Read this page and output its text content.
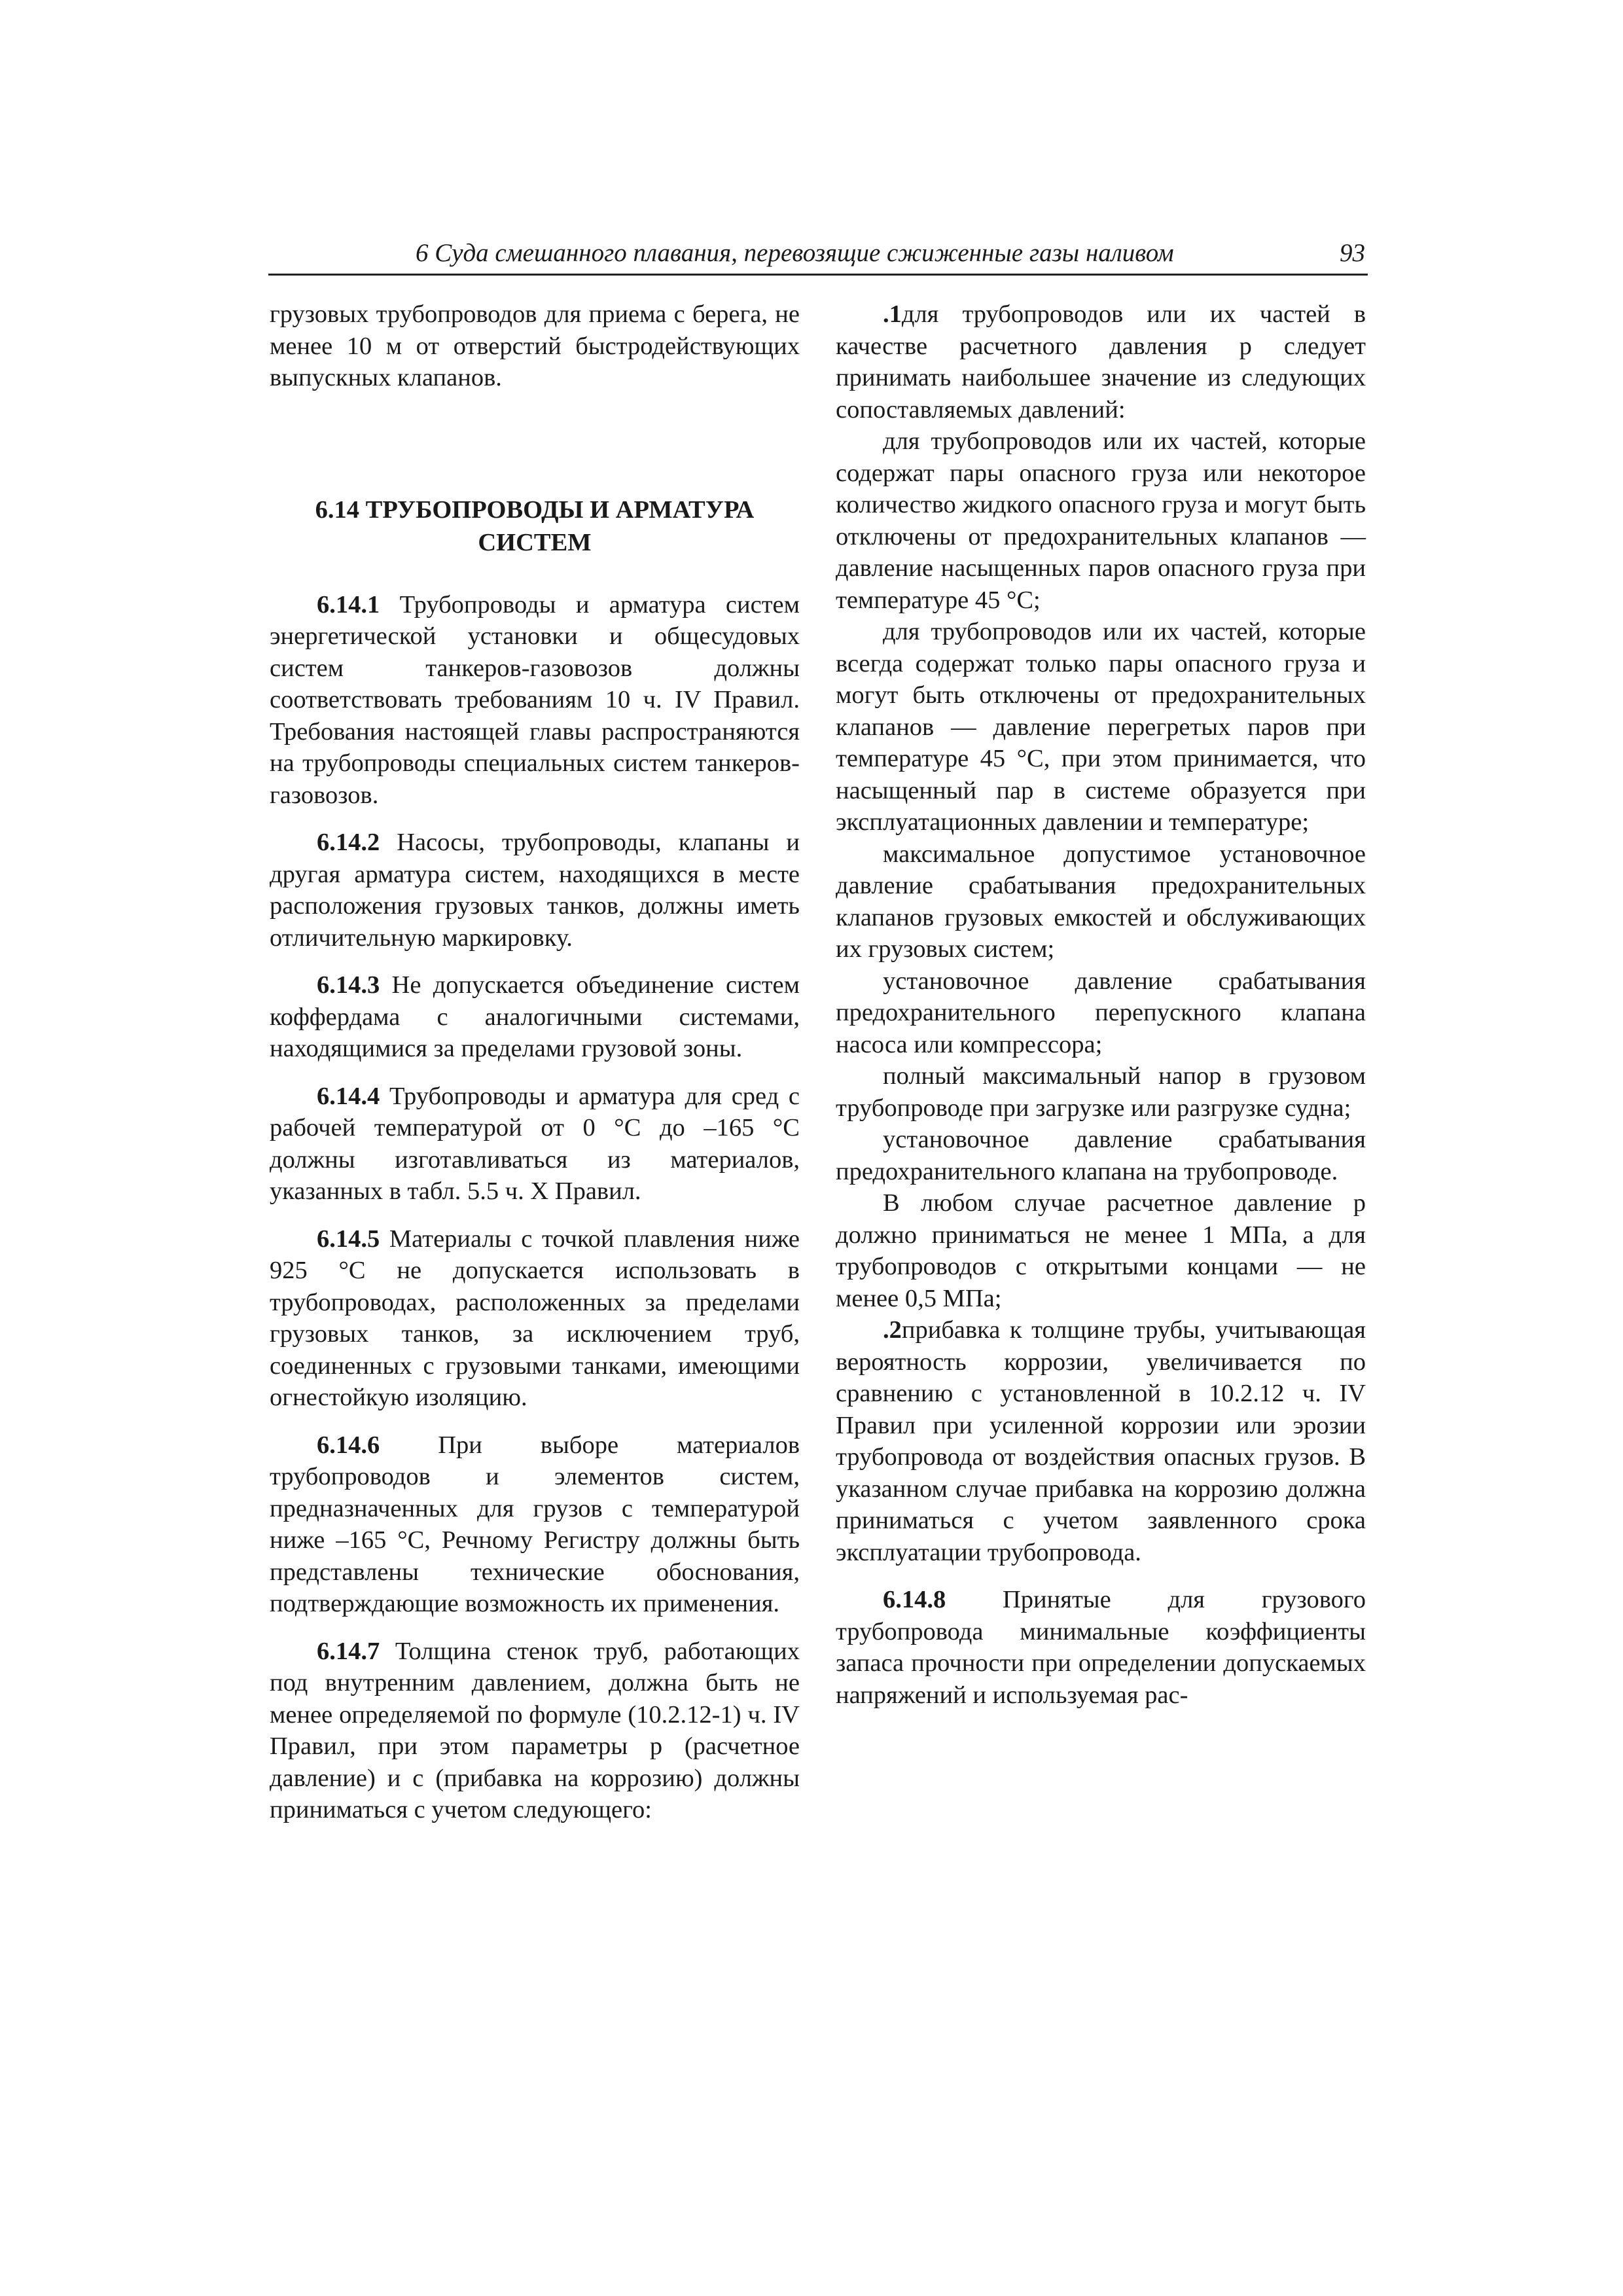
6 Суда смешанного плавания, перевозящие сжиженные газы наливом	93

грузовых трубопроводов для приема с берега, не менее 10 м от отверстий быстродействующих выпускных клапанов.

6.14 ТРУБОПРОВОДЫ И АРМАТУРА
СИСТЕМ

6.14.1 Трубопроводы и арматура систем энергетической установки и общесудовых систем танкеров-газовозов должны соответствовать требованиям 10 ч. IV Правил. Требования настоящей главы распространяются на трубопроводы специальных систем танкеров-газовозов.

6.14.2 Насосы, трубопроводы, клапаны и другая арматура систем, находящихся в месте расположения грузовых танков, должны иметь отличительную маркировку.

6.14.3 Не допускается объединение систем коффердама с аналогичными системами, находящимися за пределами грузовой зоны.

6.14.4 Трубопроводы и арматура для сред с рабочей температурой от 0 °С до –165 °С должны изготавливаться из материалов, указанных в табл. 5.5 ч. X Правил.

6.14.5 Материалы с точкой плавления ниже 925 °С не допускается использовать в трубопроводах, расположенных за пределами грузовых танков, за исключением труб, соединенных с грузовыми танками, имеющими огнестойкую изоляцию.

6.14.6 При выборе материалов трубопроводов и элементов систем, предназначенных для грузов с температурой ниже –165 °С, Речному Регистру должны быть представлены технические обоснования, подтверждающие возможность их применения.

6.14.7 Толщина стенок труб, работающих под внутренним давлением, должна быть не менее определяемой по формуле (10.2.12-1) ч. IV Правил, при этом параметры р (расчетное давление) и с (прибавка на коррозию) должны приниматься с учетом следующего:

.1для трубопроводов или их частей в качестве расчетного давления р следует принимать наибольшее значение из следующих сопоставляемых давлений:

для трубопроводов или их частей, которые содержат пары опасного груза или некоторое количество жидкого опасного груза и могут быть отключены от предохранительных клапанов — давление насыщенных паров опасного груза при температуре 45 °С;

для трубопроводов или их частей, которые всегда содержат только пары опасного груза и могут быть отключены от предохранительных клапанов — давление перегретых паров при температуре 45 °С, при этом принимается, что насыщенный пар в системе образуется при эксплуатационных давлении и температуре;

максимальное допустимое установочное давление срабатывания предохранительных клапанов грузовых емкостей и обслуживающих их грузовых систем;

установочное давление срабатывания предохранительного перепускного клапана насоса или компрессора;

полный максимальный напор в грузовом трубопроводе при загрузке или разгрузке судна;

установочное давление срабатывания предохранительного клапана на трубопроводе.

В любом случае расчетное давление р должно приниматься не менее 1 МПа, а для трубопроводов с открытыми концами — не менее 0,5 МПа;

.2прибавка к толщине трубы, учитывающая вероятность коррозии, увеличивается по сравнению с установленной в 10.2.12 ч. IV Правил при усиленной коррозии или эрозии трубопровода от воздействия опасных грузов. В указанном случае прибавка на коррозию должна приниматься с учетом заявленного срока эксплуатации трубопровода.

6.14.8 Принятые для грузового трубопровода минимальные коэффициенты запаса прочности при определении допускаемых напряжений и используемая рас-
